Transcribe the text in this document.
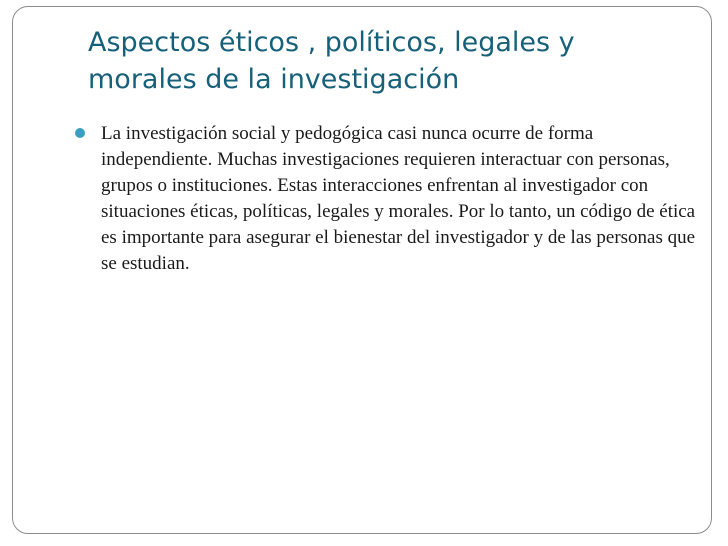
Aspectos éticos , políticos, legales y morales de la investigación
La investigación social y pedogógica casi nunca ocurre de forma independiente. Muchas investigaciones requieren interactuar con personas, grupos o instituciones. Estas interacciones enfrentan al investigador con situaciones éticas, políticas, legales y morales. Por lo tanto, un código de ética es importante para asegurar el bienestar del investigador y de las personas que se estudian.
